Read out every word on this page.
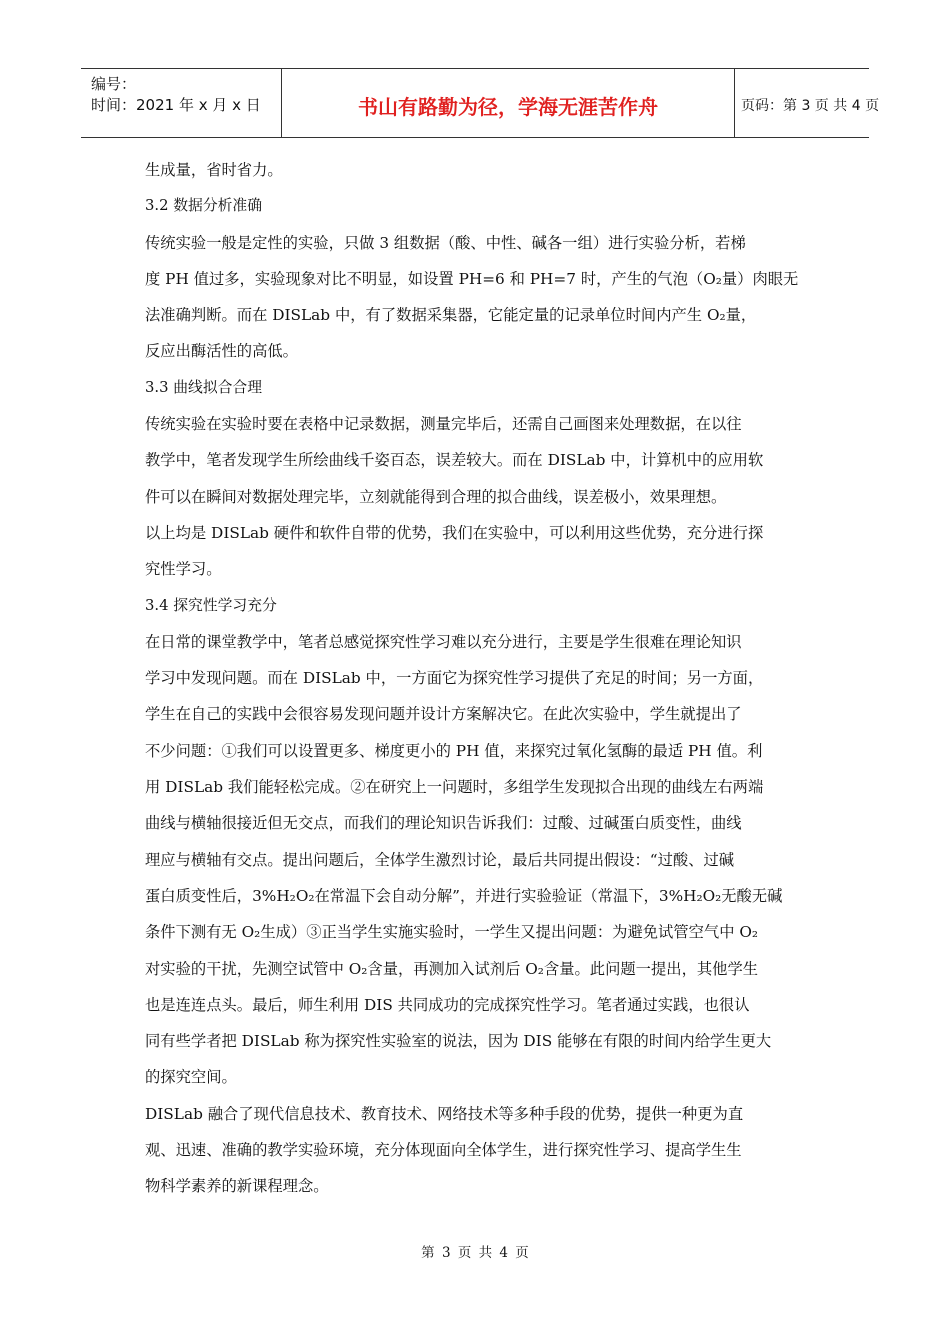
编号：
时间：2021 年 x 月 x 日	书山有路勤为径，学海无涯苦作舟	页码：第 3 页 共 4 页
生成量，省时省力。
3.2 数据分析准确
传统实验一般是定性的实验，只做 3 组数据（酸、中性、碱各一组）进行实验分析，若梯
度 PH 值过多，实验现象对比不明显，如设置 PH=6 和 PH=7 时，产生的气泡（O₂量）肉眼无
法准确判断。而在 DISLab 中，有了数据采集器，它能定量的记录单位时间内产生 O₂量，
反应出酶活性的高低。
3.3 曲线拟合合理
传统实验在实验时要在表格中记录数据，测量完毕后，还需自己画图来处理数据，在以往
教学中，笔者发现学生所绘曲线千姿百态，误差较大。而在 DISLab 中，计算机中的应用软
件可以在瞬间对数据处理完毕，立刻就能得到合理的拟合曲线，误差极小，效果理想。
以上均是 DISLab 硬件和软件自带的优势，我们在实验中，可以利用这些优势，充分进行探
究性学习。
3.4 探究性学习充分
在日常的课堂教学中，笔者总感觉探究性学习难以充分进行，主要是学生很难在理论知识
学习中发现问题。而在 DISLab 中，一方面它为探究性学习提供了充足的时间；另一方面，
学生在自己的实践中会很容易发现问题并设计方案解决它。在此次实验中，学生就提出了
不少问题：①我们可以设置更多、梯度更小的 PH 值，来探究过氧化氢酶的最适 PH 值。利
用 DISLab 我们能轻松完成。②在研究上一问题时，多组学生发现拟合出现的曲线左右两端
曲线与横轴很接近但无交点，而我们的理论知识告诉我们：过酸、过碱蛋白质变性，曲线
理应与横轴有交点。提出问题后，全体学生激烈讨论，最后共同提出假设：“过酸、过碱
蛋白质变性后，3%H₂O₂在常温下会自动分解”，并进行实验验证（常温下，3%H₂O₂无酸无碱
条件下测有无 O₂生成）③正当学生实施实验时，一学生又提出问题：为避免试管空气中 O₂
对实验的干扰，先测空试管中 O₂含量，再测加入试剂后 O₂含量。此问题一提出，其他学生
也是连连点头。最后，师生利用 DIS 共同成功的完成探究性学习。笔者通过实践，也很认
同有些学者把 DISLab 称为探究性实验室的说法，因为 DIS 能够在有限的时间内给学生更大
的探究空间。
DISLab 融合了现代信息技术、教育技术、网络技术等多种手段的优势，提供一种更为直
观、迅速、准确的教学实验环境，充分体现面向全体学生，进行探究性学习、提高学生生
物科学素养的新课程理念。
第 3 页 共 4 页
